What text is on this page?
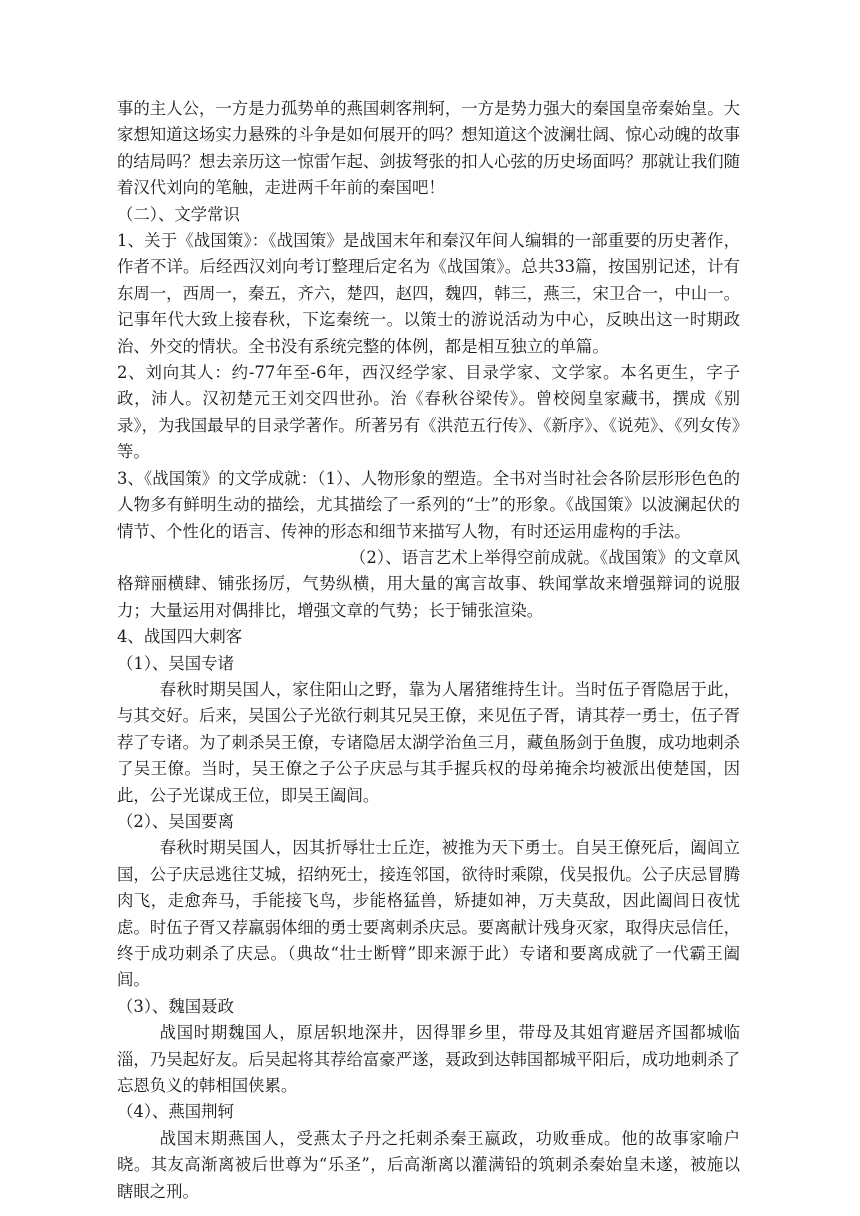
事的主人公，一方是力孤势单的燕国刺客荆轲，一方是势力强大的秦国皇帝秦始皇。大家想知道这场实力悬殊的斗争是如何展开的吗？想知道这个波澜壮阔、惊心动魄的故事的结局吗？想去亲历这一惊雷乍起、剑拔弩张的扣人心弦的历史场面吗？那就让我们随着汉代刘向的笔触，走进两千年前的秦国吧！

（二）、文学常识

1、关于《战国策》：《战国策》是战国末年和秦汉年间人编辑的一部重要的历史著作，作者不详。后经西汉刘向考订整理后定名为《战国策》。总共33篇，按国别记述，计有东周一，西周一，秦五，齐六，楚四，赵四，魏四，韩三，燕三，宋卫合一，中山一。记事年代大致上接春秋，下迄秦统一。以策士的游说活动为中心，反映出这一时期政治、外交的情状。全书没有系统完整的体例，都是相互独立的单篇。

2、刘向其人：约-77年至-6年，西汉经学家、目录学家、文学家。本名更生，字子政，沛人。汉初楚元王刘交四世孙。治《春秋谷梁传》。曾校阅皇家藏书，撰成《别录》，为我国最早的目录学著作。所著另有《洪范五行传》、《新序》、《说苑》、《列女传》等。

3、《战国策》的文学成就：（1）、人物形象的塑造。全书对当时社会各阶层形形色色的人物多有鲜明生动的描绘，尤其描绘了一系列的“士”的形象。《战国策》以波澜起伏的情节、个性化的语言、传神的形态和细节来描写人物，有时还运用虚构的手法。

（2）、语言艺术上举得空前成就。《战国策》的文章风格辩丽横肆、铺张扬厉，气势纵横，用大量的寓言故事、轶闻掌故来增强辩词的说服力；大量运用对偶排比，增强文章的气势；长于铺张渲染。

4、战国四大刺客

（1）、吴国专诸

春秋时期吴国人，家住阳山之野，靠为人屠猪维持生计。当时伍子胥隐居于此，与其交好。后来，吴国公子光欲行刺其兄吴王僚，来见伍子胥，请其荐一勇士，伍子胥荐了专诸。为了刺杀吴王僚，专诸隐居太湖学治鱼三月，藏鱼肠剑于鱼腹，成功地刺杀了吴王僚。当时，吴王僚之子公子庆忌与其手握兵权的母弟掩余均被派出使楚国，因此，公子光谋成王位，即吴王阖闾。

（2）、吴国要离

春秋时期吴国人，因其折辱壮士丘迮，被推为天下勇士。自吴王僚死后，阖闾立国，公子庆忌逃往艾城，招纳死士，接连邻国，欲待时乘隙，伐吴报仇。公子庆忌冒腾肉飞，走愈奔马，手能接飞鸟，步能格猛兽，矫捷如神，万夫莫敌，因此阖闾日夜忧虑。时伍子胥又荐羸弱体细的勇士要离刺杀庆忌。要离献计残身灭家，取得庆忌信任，终于成功刺杀了庆忌。（典故“壮士断臂”即来源于此）专诸和要离成就了一代霸王阖闾。

（3）、魏国聂政

战国时期魏国人，原居轵地深井，因得罪乡里，带母及其姐宵避居齐国都城临淄，乃吴起好友。后吴起将其荐给富豪严遂，聂政到达韩国都城平阳后，成功地刺杀了忘恩负义的韩相国侠累。

（4）、燕国荆轲

战国末期燕国人，受燕太子丹之托刺杀秦王嬴政，功败垂成。他的故事家喻户晓。其友高渐离被后世尊为“乐圣”，后高渐离以灌满铅的筑刺杀秦始皇未遂，被施以瞎眼之刑。
